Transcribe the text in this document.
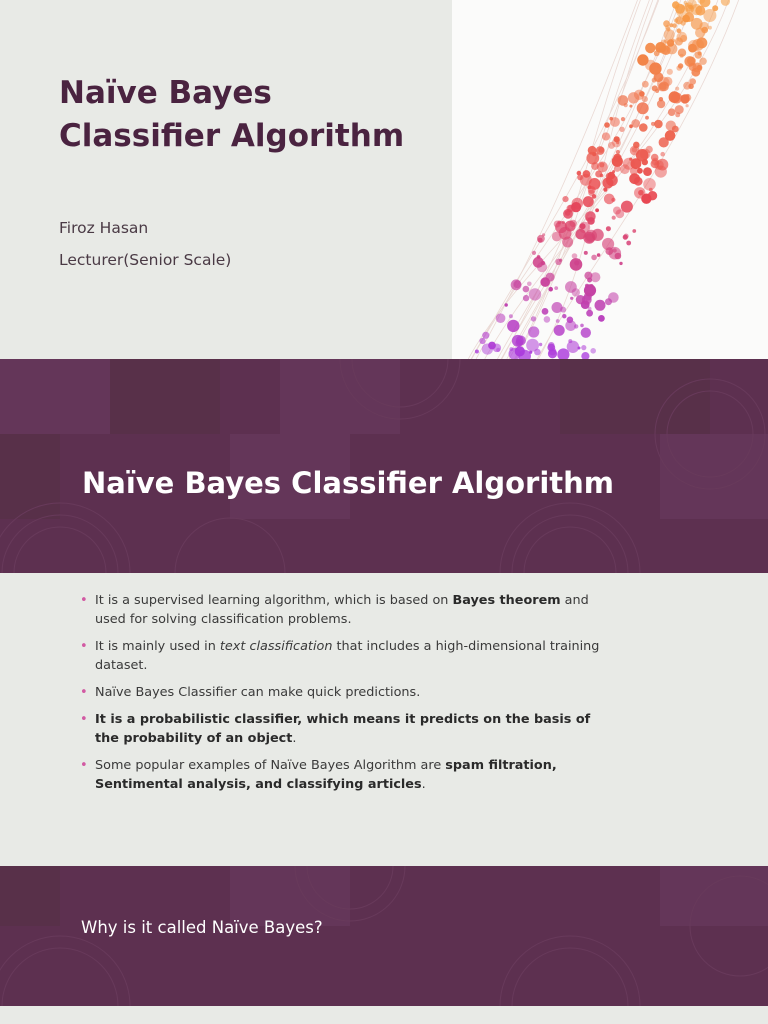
Naïve Bayes
Classifier Algorithm

Firoz Hasan

Lecturer(Senior Scale)

Naïve Bayes Classifier Algorithm
• It is a supervised learning algorithm, which is based on Bayes theorem and used for solving classification problems.
• It is mainly used in text classification that includes a high-dimensional training dataset.
• Naïve Bayes Classifier can make quick predictions.
• It is a probabilistic classifier, which means it predicts on the basis of the probability of an object.
• Some popular examples of Naïve Bayes Algorithm are spam filtration, Sentimental analysis, and classifying articles.
Why is it called Naïve Bayes?
